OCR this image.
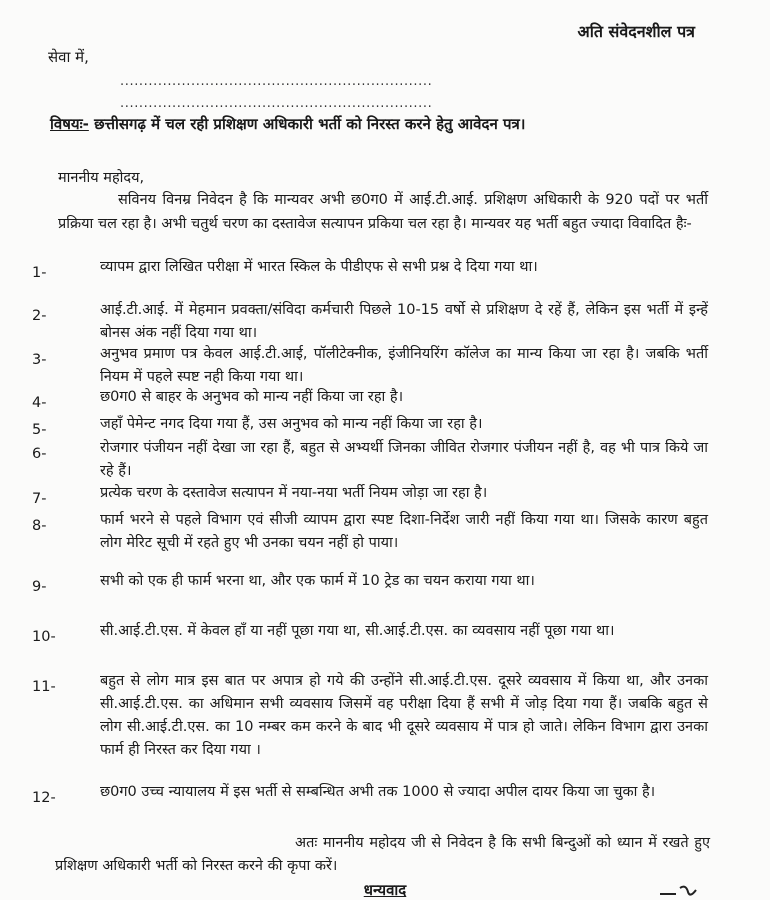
अति संवेदनशील पत्र
सेवा में,
..................................................................
..................................................................
विषयः- छत्तीसगढ़ में चल रही प्रशिक्षण अधिकारी भर्ती को निरस्त करने हेतु आवेदन पत्र।
माननीय महोदय,
सविनय विनम्र निवेदन है कि मान्यवर अभी छ0ग0 में आई.टी.आई. प्रशिक्षण अधिकारी के 920 पदों पर भर्ती प्रक्रिया चल रहा है। अभी चतुर्थ चरण का दस्तावेज सत्यापन प्रकिया चल रहा है। मान्यवर यह भर्ती बहुत ज्यादा विवादित हैः-
1-	व्यापम द्वारा लिखित परीक्षा में भारत स्किल के पीडीएफ से सभी प्रश्न दे दिया गया था।
2-	आई.टी.आई. में मेहमान प्रवक्ता/संविदा कर्मचारी पिछले 10-15 वर्षो से प्रशिक्षण दे रहें हैं, लेकिन इस भर्ती में इन्हें बोनस अंक नहीं दिया गया था।
3-	अनुभव प्रमाण पत्र केवल आई.टी.आई, पॉलीटेक्नीक, इंजीनियरिंग कॉलेज का मान्य किया जा रहा है। जबकि भर्ती नियम में पहले स्पष्ट नही किया गया था।
4-	छ0ग0 से बाहर के अनुभव को मान्य नहीं किया जा रहा है।
5-	जहाँ पेमेन्ट नगद दिया गया हैं, उस अनुभव को मान्य नहीं किया जा रहा है।
6-	रोजगार पंजीयन नहीं देखा जा रहा हैं, बहुत से अभ्यर्थी जिनका जीवित रोजगार पंजीयन नहीं है, वह भी पात्र किये जा रहे हैं।
7-	प्रत्येक चरण के दस्तावेज सत्यापन में नया-नया भर्ती नियम जोड़ा जा रहा है।
8-	फार्म भरने से पहले विभाग एवं सीजी व्यापम द्वारा स्पष्ट दिशा-निर्देश जारी नहीं किया गया था। जिसके कारण बहुत लोग मेरिट सूची में रहते हुए भी उनका चयन नहीं हो पाया।
9-	सभी को एक ही फार्म भरना था, और एक फार्म में 10 ट्रेड का चयन कराया गया था।
10-	सी.आई.टी.एस. में केवल हाँ या नहीं पूछा गया था, सी.आई.टी.एस. का व्यवसाय नहीं पूछा गया था।
11-	बहुत से लोग मात्र इस बात पर अपात्र हो गये की उन्होंने सी.आई.टी.एस. दूसरे व्यवसाय में किया था, और उनका सी.आई.टी.एस. का अधिमान सभी व्यवसाय जिसमें वह परीक्षा दिया हैं सभी में जोड़ दिया गया हैं। जबकि बहुत से लोग सी.आई.टी.एस. का 10 नम्बर कम करने के बाद भी दूसरे व्यवसाय में पात्र हो जाते। लेकिन विभाग द्वारा उनका फार्म ही निरस्त कर दिया गया ।
12-	छ0ग0 उच्च न्यायालय में इस भर्ती से सम्बन्धित अभी तक 1000 से ज्यादा अपील दायर किया जा चुका है।
अतः माननीय महोदय जी से निवेदन है कि सभी बिन्दुओं को ध्यान में रखते हुए प्रशिक्षण अधिकारी भर्ती को निरस्त करने की कृपा करें।
धन्यवाद
